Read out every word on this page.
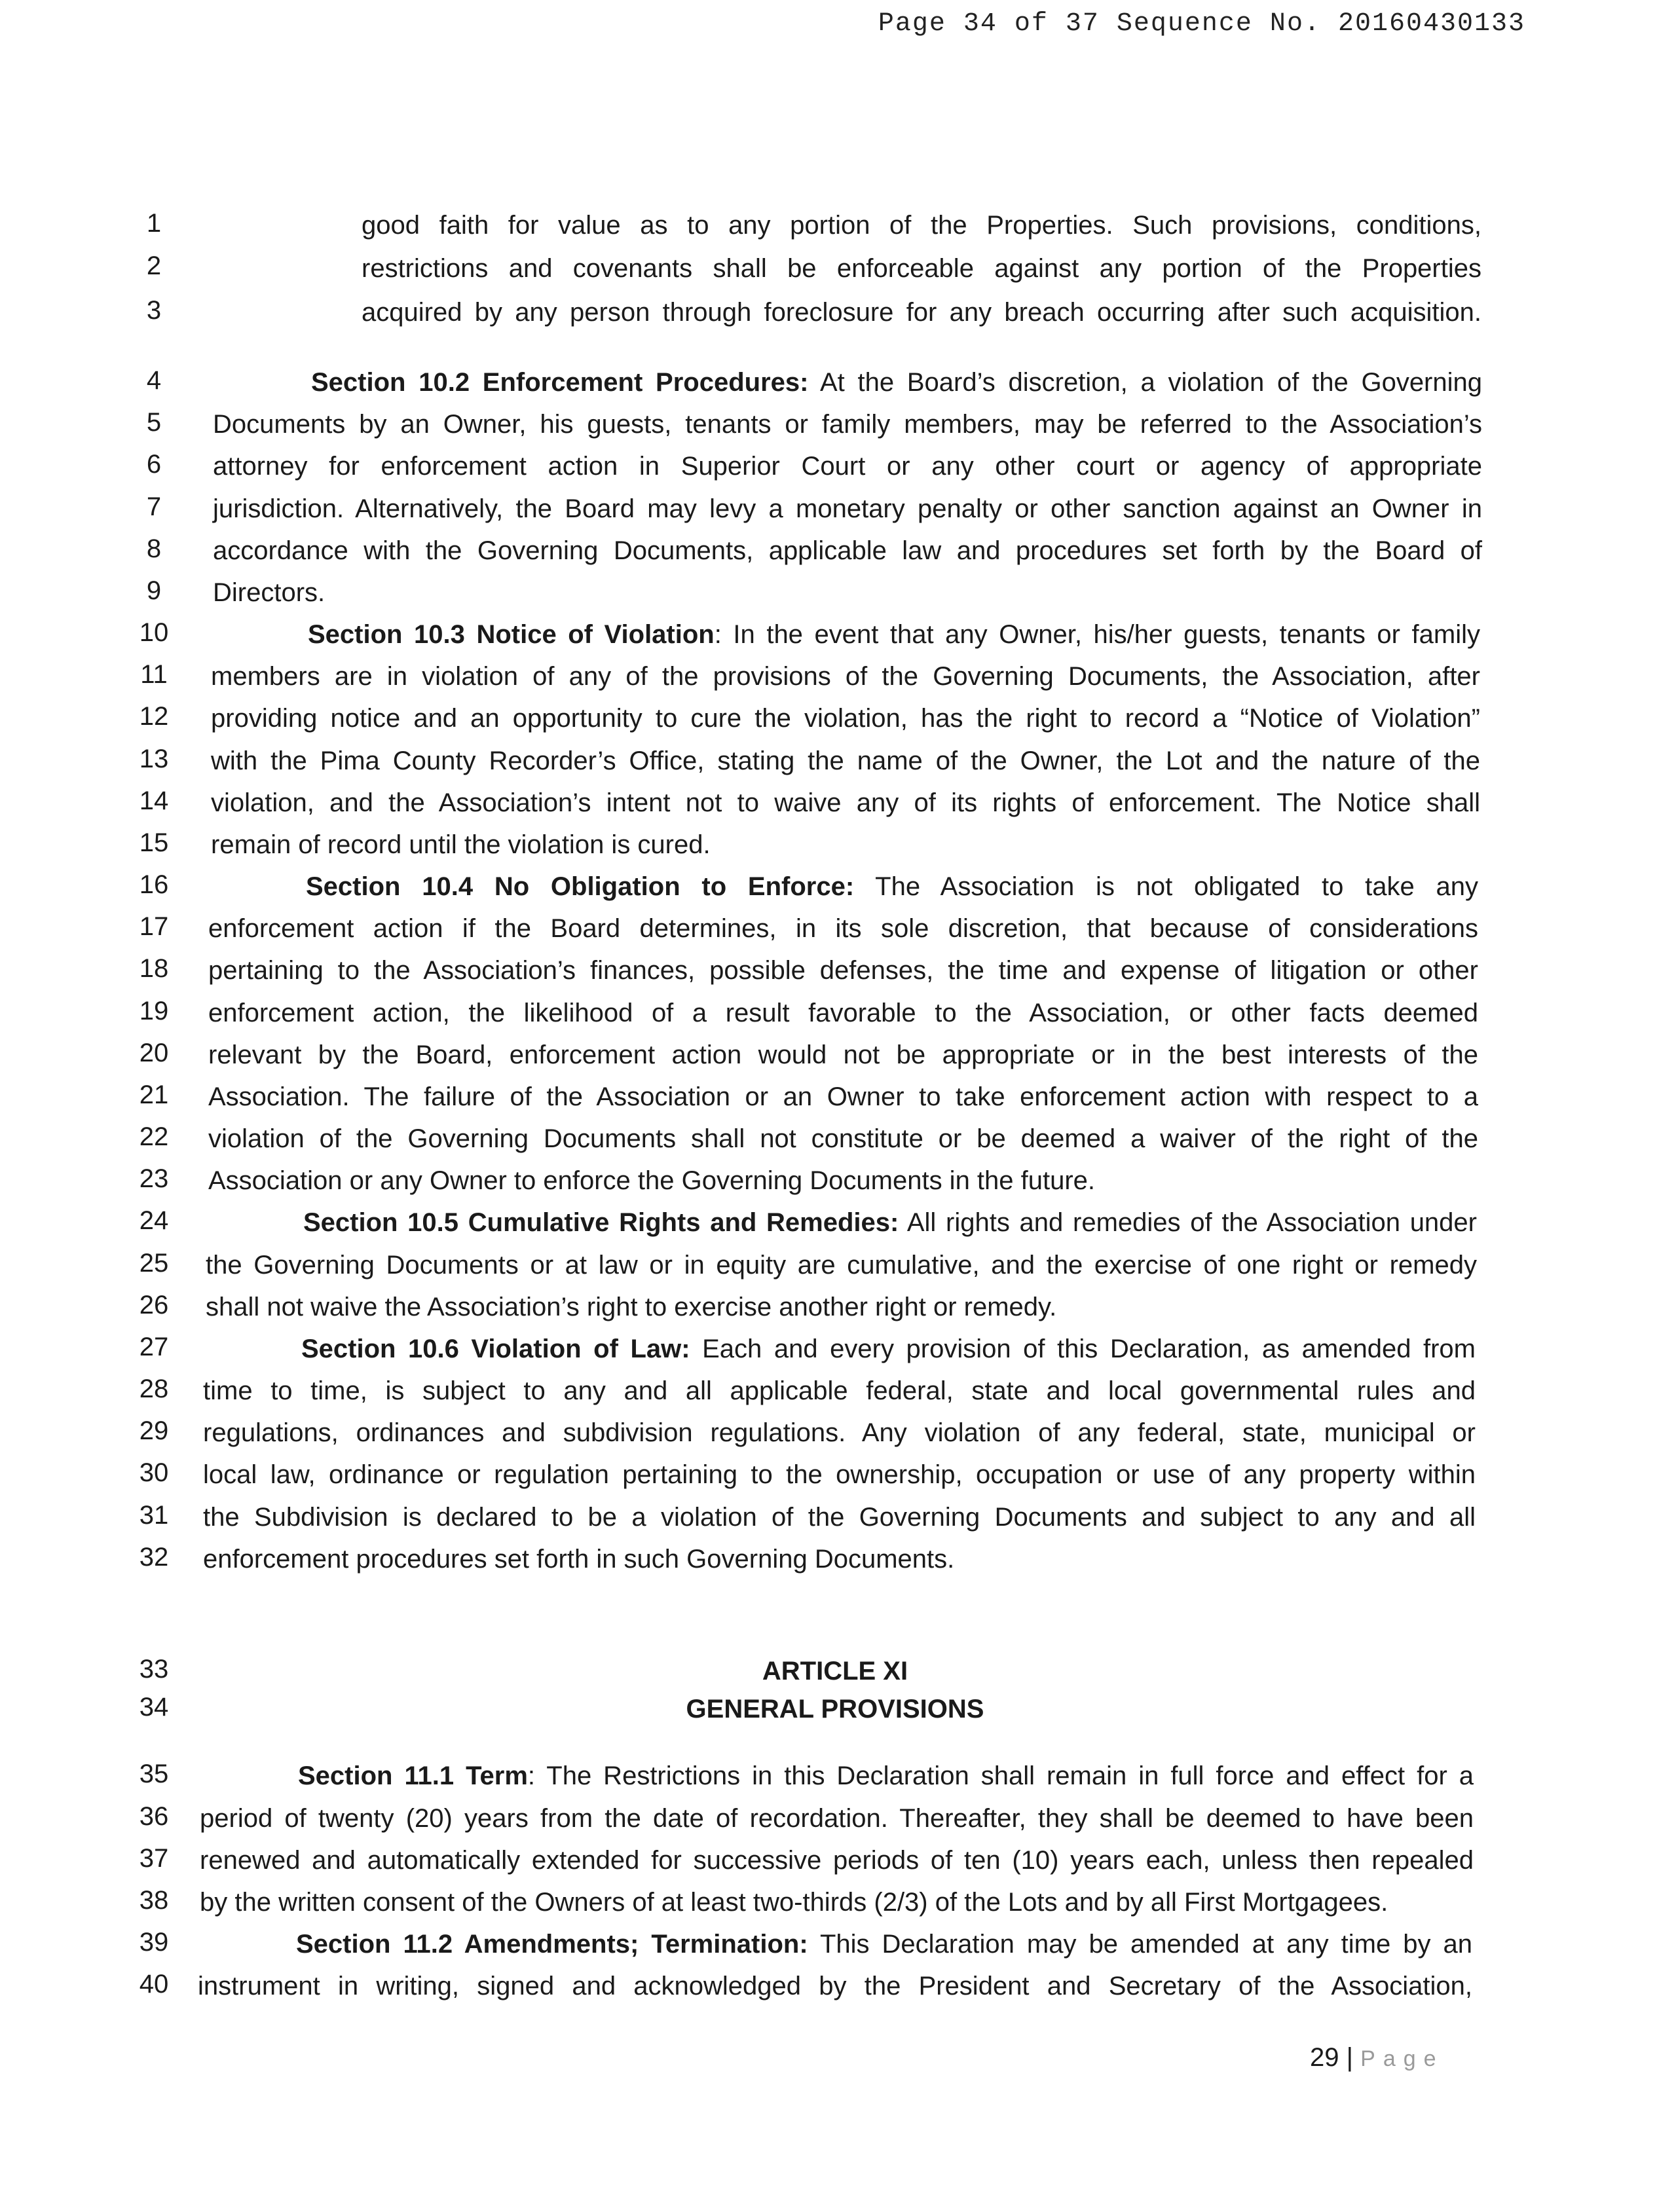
Page 34 of 37 Sequence No. 20160430133
1
2
3
4
5
6
7
8
9
10
11
12
13
14
15
16
17
18
19
20
21
22
23
24
25
26
27
28
29
30
31
32
33
34
35
36
37
38
39
40
good faith for value as to any portion of the Properties. Such provisions, conditions,
restrictions and covenants shall be enforceable against any portion of the Properties
acquired by any person through foreclosure for any breach occurring after such acquisition.
Section 10.2 Enforcement Procedures: At the Board’s discretion, a violation of the Governing
Documents by an Owner, his guests, tenants or family members, may be referred to the Association’s
attorney for enforcement action in Superior Court or any other court or agency of appropriate
jurisdiction. Alternatively, the Board may levy a monetary penalty or other sanction against an Owner in
accordance with the Governing Documents, applicable law and procedures set forth by the Board of
Directors.
Section 10.3 Notice of Violation: In the event that any Owner, his/her guests, tenants or family
members are in violation of any of the provisions of the Governing Documents, the Association, after
providing notice and an opportunity to cure the violation, has the right to record a “Notice of Violation”
with the Pima County Recorder’s Office, stating the name of the Owner, the Lot and the nature of the
violation, and the Association’s intent not to waive any of its rights of enforcement. The Notice shall
remain of record until the violation is cured.
Section 10.4 No Obligation to Enforce: The Association is not obligated to take any
enforcement action if the Board determines, in its sole discretion, that because of considerations
pertaining to the Association’s finances, possible defenses, the time and expense of litigation or other
enforcement action, the likelihood of a result favorable to the Association, or other facts deemed
relevant by the Board, enforcement action would not be appropriate or in the best interests of the
Association. The failure of the Association or an Owner to take enforcement action with respect to a
violation of the Governing Documents shall not constitute or be deemed a waiver of the right of the
Association or any Owner to enforce the Governing Documents in the future.
Section 10.5 Cumulative Rights and Remedies: All rights and remedies of the Association under
the Governing Documents or at law or in equity are cumulative, and the exercise of one right or remedy
shall not waive the Association’s right to exercise another right or remedy.
Section 10.6 Violation of Law: Each and every provision of this Declaration, as amended from
time to time, is subject to any and all applicable federal, state and local governmental rules and
regulations, ordinances and subdivision regulations. Any violation of any federal, state, municipal or
local law, ordinance or regulation pertaining to the ownership, occupation or use of any property within
the Subdivision is declared to be a violation of the Governing Documents and subject to any and all
enforcement procedures set forth in such Governing Documents.
ARTICLE XI
GENERAL PROVISIONS
Section 11.1 Term: The Restrictions in this Declaration shall remain in full force and effect for a
period of twenty (20) years from the date of recordation. Thereafter, they shall be deemed to have been
renewed and automatically extended for successive periods of ten (10) years each, unless then repealed
by the written consent of the Owners of at least two-thirds (2/3) of the Lots and by all First Mortgagees.
Section 11.2 Amendments; Termination: This Declaration may be amended at any time by an
instrument in writing, signed and acknowledged by the President and Secretary of the Association,
29 | Page
